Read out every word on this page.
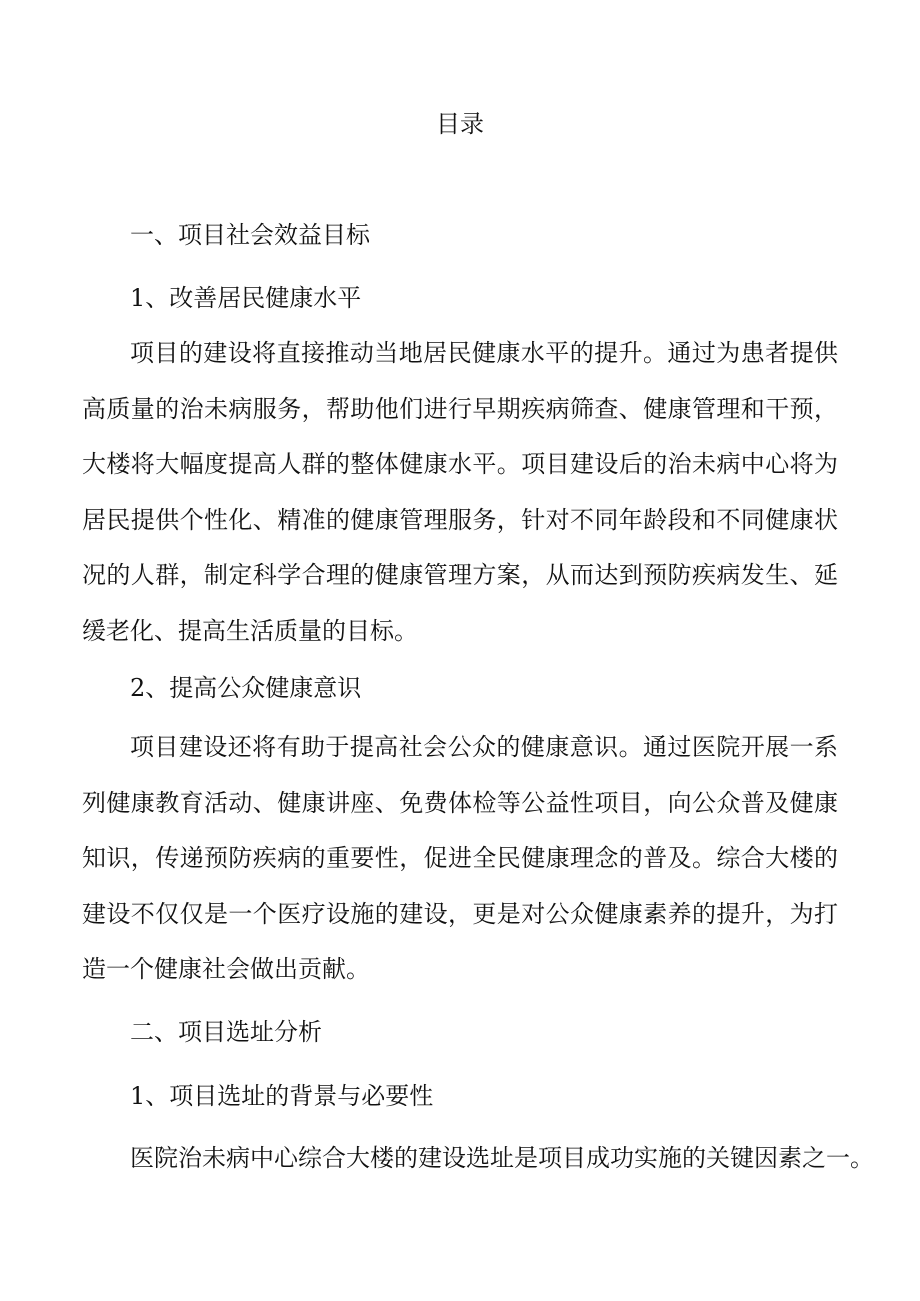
目录
一、项目社会效益目标
1、改善居民健康水平

项目的建设将直接推动当地居民健康水平的提升。通过为患者提供高质量的治未病服务，帮助他们进行早期疾病筛查、健康管理和干预，大楼将大幅度提高人群的整体健康水平。项目建设后的治未病中心将为居民提供个性化、精准的健康管理服务，针对不同年龄段和不同健康状况的人群，制定科学合理的健康管理方案，从而达到预防疾病发生、延缓老化、提高生活质量的目标。

2、提高公众健康意识

项目建设还将有助于提高社会公众的健康意识。通过医院开展一系列健康教育活动、健康讲座、免费体检等公益性项目，向公众普及健康知识，传递预防疾病的重要性，促进全民健康理念的普及。综合大楼的建设不仅仅是一个医疗设施的建设，更是对公众健康素养的提升，为打造一个健康社会做出贡献。

二、项目选址分析
1、项目选址的背景与必要性
医院治未病中心综合大楼的建设选址是项目成功实施的关键因素之一。
